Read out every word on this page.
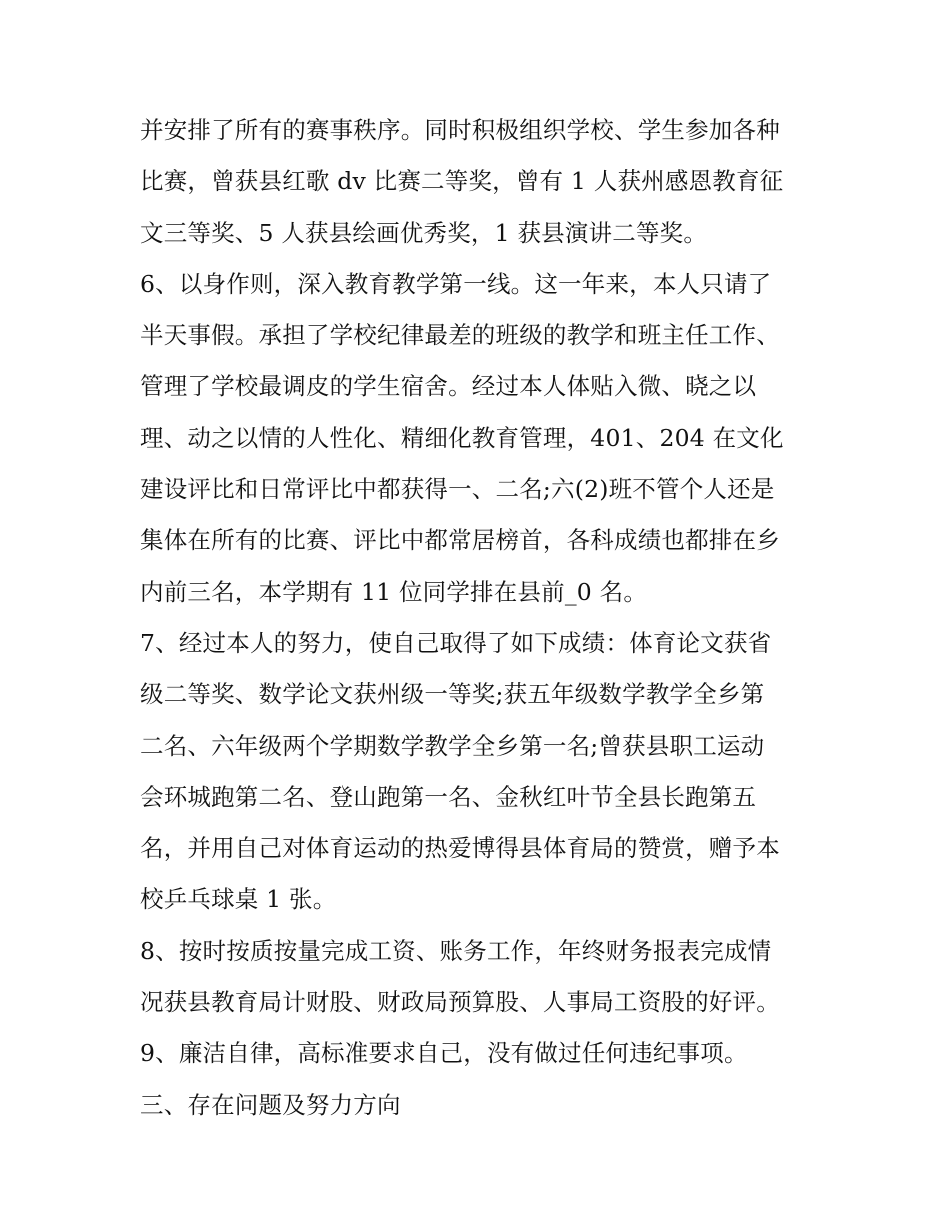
并安排了所有的赛事秩序。同时积极组织学校、学生参加各种
比赛，曾获县红歌 dv 比赛二等奖，曾有 1 人获州感恩教育征
文三等奖、5 人获县绘画优秀奖，1 获县演讲二等奖。
6、以身作则，深入教育教学第一线。这一年来，本人只请了
半天事假。承担了学校纪律最差的班级的教学和班主任工作、
管理了学校最调皮的学生宿舍。经过本人体贴入微、晓之以
理、动之以情的人性化、精细化教育管理，401、204 在文化
建设评比和日常评比中都获得一、二名;六(2)班不管个人还是
集体在所有的比赛、评比中都常居榜首，各科成绩也都排在乡
内前三名，本学期有 11 位同学排在县前_0 名。
7、经过本人的努力，使自己取得了如下成绩：体育论文获省
级二等奖、数学论文获州级一等奖;获五年级数学教学全乡第
二名、六年级两个学期数学教学全乡第一名;曾获县职工运动
会环城跑第二名、登山跑第一名、金秋红叶节全县长跑第五
名，并用自己对体育运动的热爱博得县体育局的赞赏，赠予本
校乒乓球桌 1 张。
8、按时按质按量完成工资、账务工作，年终财务报表完成情
况获县教育局计财股、财政局预算股、人事局工资股的好评。
9、廉洁自律，高标准要求自己，没有做过任何违纪事项。
三、存在问题及努力方向
